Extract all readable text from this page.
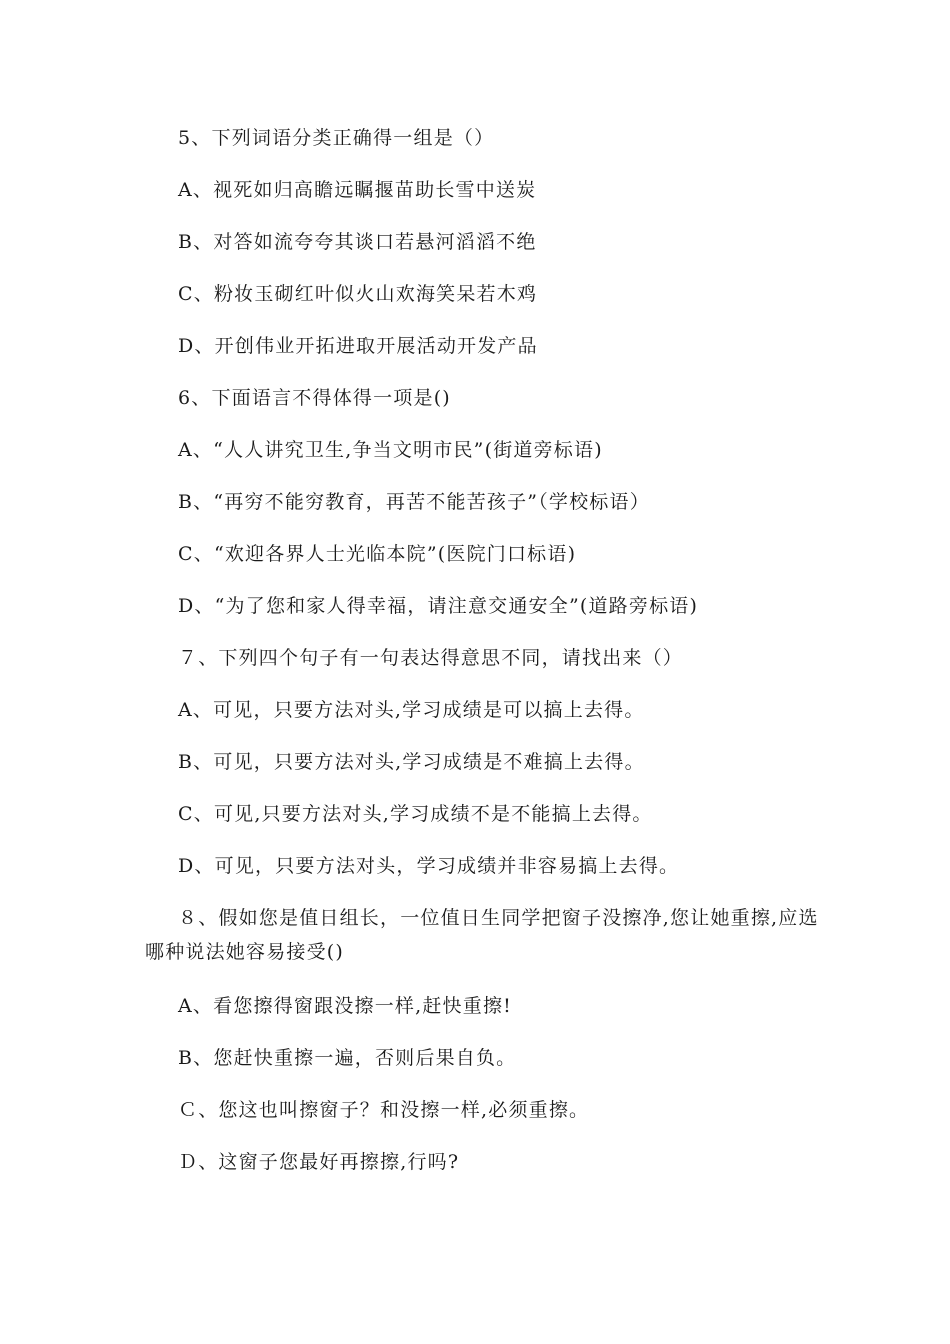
5、下列词语分类正确得一组是（）
A、视死如归高瞻远瞩揠苗助长雪中送炭
B、对答如流夸夸其谈口若悬河滔滔不绝
C、粉妆玉砌红叶似火山欢海笑呆若木鸡
D、开创伟业开拓进取开展活动开发产品
6、下面语言不得体得一项是()
A、“人人讲究卫生,争当文明市民”(街道旁标语)
B、“再穷不能穷教育，再苦不能苦孩子”（学校标语）
C、“欢迎各界人士光临本院”(医院门口标语)
D、“为了您和家人得幸福，请注意交通安全”(道路旁标语)
７、下列四个句子有一句表达得意思不同，请找出来（）
A、可见，只要方法对头,学习成绩是可以搞上去得。
B、可见，只要方法对头,学习成绩是不难搞上去得。
C、可见,只要方法对头,学习成绩不是不能搞上去得。
D、可见，只要方法对头，学习成绩并非容易搞上去得。
８、假如您是值日组长，一位值日生同学把窗子没擦净,您让她重擦,应选
哪种说法她容易接受()
A、看您擦得窗跟没擦一样,赶快重擦!
B、您赶快重擦一遍，否则后果自负。
Ｃ、您这也叫擦窗子？和没擦一样,必须重擦。
Ｄ、这窗子您最好再擦擦,行吗?
